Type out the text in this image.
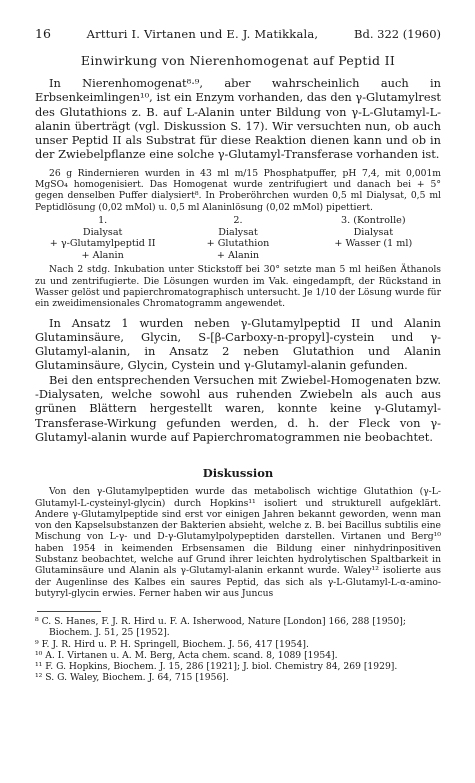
16	Artturi I. Virtanen und E. J. Matikkala,	Bd. 322 (1960)
Einwirkung von Nierenhomogenat auf Peptid II

In Nierenhomogenat⁸·⁹, aber wahrscheinlich auch in Erbsenkeimlingen¹⁰, ist ein Enzym vorhanden, das den γ-Glutamylrest des Glutathions z. B. auf L-Alanin unter Bildung von γ-L-Glutamyl-L-alanin überträgt (vgl. Diskussion S. 17). Wir versuchten nun, ob auch unser Peptid II als Substrat für diese Reaktion dienen kann und ob in der Zwiebelpflanze eine solche γ-Glutamyl-Transferase vorhanden ist.

26 g Rindernieren wurden in 43 ml m/15 Phosphatpuffer, pH 7,4, mit 0,001m MgSO₄ homogenisiert. Das Homogenat wurde zentrifugiert und danach bei + 5° gegen denselben Puffer dialysiert⁸. In Proberöhrchen wurden 0,5 ml Dialysat, 0,5 ml Peptidlösung (0,02 mMol) u. 0,5 ml Alaninlösung (0,02 mMol) pipettiert.

1.
Dialysat
+ γ-Glutamylpeptid II
+ Alanin
2.
Dialysat
+ Glutathion
+ Alanin
3. (Kontrolle)
Dialysat
+ Wasser (1 ml)

Nach 2 stdg. Inkubation unter Stickstoff bei 30° setzte man 5 ml heißen Äthanols zu und zentrifugierte. Die Lösungen wurden im Vak. eingedampft, der Rückstand in Wasser gelöst und papierchromatographisch untersucht. Je 1/10 der Lösung wurde für ein zweidimensionales Chromatogramm angewendet.

In Ansatz 1 wurden neben γ-Glutamylpeptid II und Alanin Glutaminsäure, Glycin, S-[β-Carboxy-n-propyl]-cystein und γ-Glutamyl-alanin, in Ansatz 2 neben Glutathion und Alanin Glutaminsäure, Glycin, Cystein und γ-Glutamyl-alanin gefunden.

Bei den entsprechenden Versuchen mit Zwiebel-Homogenaten bzw. -Dialysaten, welche sowohl aus ruhenden Zwiebeln als auch aus grünen Blättern hergestellt waren, konnte keine γ-Glutamyl-Transferase-Wirkung gefunden werden, d. h. der Fleck von γ-Glutamyl-alanin wurde auf Papierchromatogrammen nie beobachtet.

Diskussion

Von den γ-Glutamylpeptiden wurde das metabolisch wichtige Glutathion (γ-L-Glutamyl-L-cysteinyl-glycin) durch Hopkins¹¹ isoliert und strukturell aufgeklärt. Andere γ-Glutamylpeptide sind erst vor einigen Jahren bekannt geworden, wenn man von den Kapselsubstanzen der Bakterien absieht, welche z. B. bei Bacillus subtilis eine Mischung von L-γ- und D-γ-Glutamylpolypeptiden darstellen. Virtanen und Berg¹⁰ haben 1954 in keimenden Erbsensamen die Bildung einer ninhydrinpositiven Substanz beobachtet, welche auf Grund ihrer leichten hydrolytischen Spaltbarkeit in Glutaminsäure und Alanin als γ-Glutamyl-alanin erkannt wurde. Waley¹² isolierte aus der Augenlinse des Kalbes ein saures Peptid, das sich als γ-L-Glutamyl-L-α-amino-butyryl-glycin erwies. Ferner haben wir aus Juncus

⁸ C. S. Hanes, F. J. R. Hird u. F. A. Isherwood, Nature [London] 166, 288 [1950]; Biochem. J. 51, 25 [1952].

⁹ F. J. R. Hird u. P. H. Springell, Biochem. J. 56, 417 [1954].

¹⁰ A. I. Virtanen u. A. M. Berg, Acta chem. scand. 8, 1089 [1954].

¹¹ F. G. Hopkins, Biochem. J. 15, 286 [1921]; J. biol. Chemistry 84, 269 [1929].

¹² S. G. Waley, Biochem. J. 64, 715 [1956].
